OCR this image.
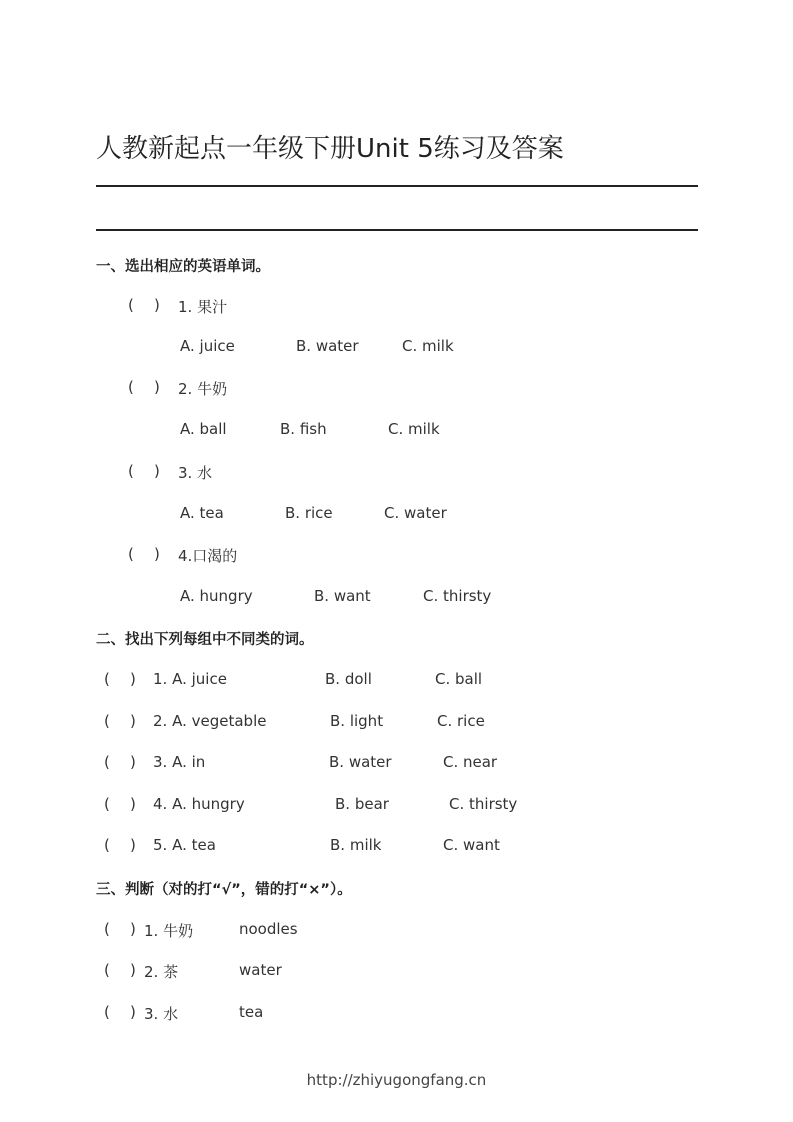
人教新起点一年级下册Unit 5练习及答案
一、选出相应的英语单词。
( ) 1. 果汁
A. juice	B. water	C. milk
( ) 2. 牛奶
A. ball	B. fish	C. milk
( ) 3. 水
A. tea	B. rice	C. water
( ) 4.口渴的
A. hungry	B. want	C. thirsty
二、找出下列每组中不同类的词。
( ) 1. A. juice	B. doll	C. ball
( ) 2. A. vegetable	B. light	C. rice
( ) 3. A. in	B. water	C. near
( ) 4. A. hungry	B. bear	C. thirsty
( ) 5. A. tea	B. milk	C. want
三、判断（对的打“√”，错的打“×”）。
( ) 1. 牛奶	noodles
( ) 2. 茶	water
( ) 3. 水	tea
http://zhiyugongfang.cn
